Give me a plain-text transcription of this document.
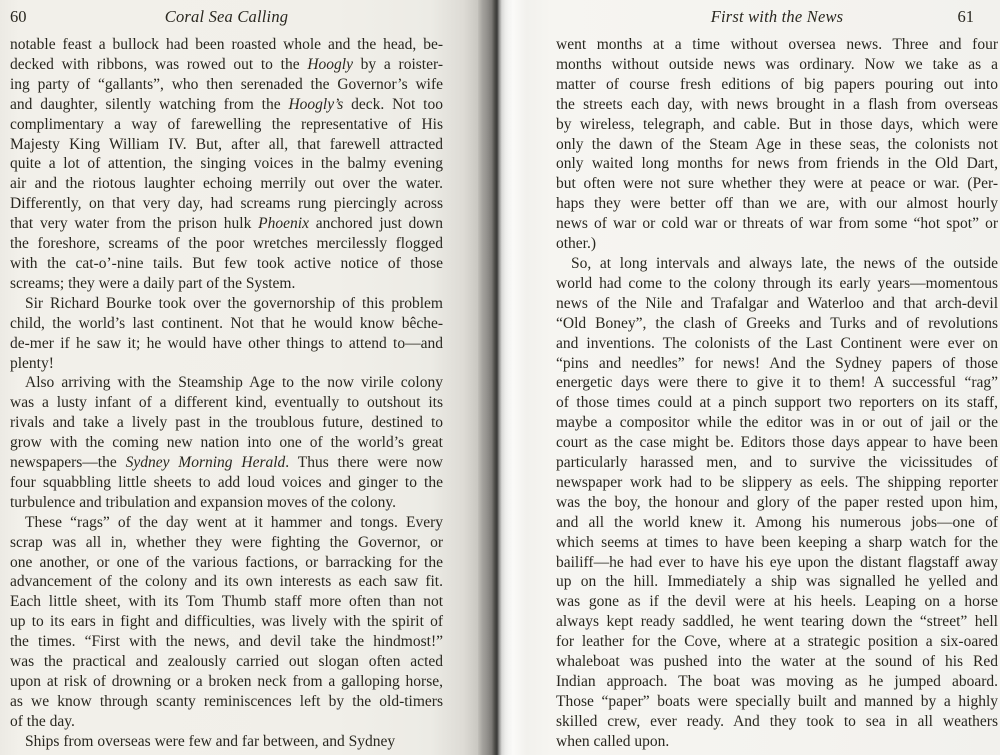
60	Coral Sea Calling
notable feast a bullock had been roasted whole and the head, be-
decked with ribbons, was rowed out to the Hoogly by a roister-
ing party of “gallants”, who then serenaded the Governor’s wife
and daughter, silently watching from the Hoogly’s deck. Not too
complimentary a way of farewelling the representative of His
Majesty King William IV. But, after all, that farewell attracted
quite a lot of attention, the singing voices in the balmy evening
air and the riotous laughter echoing merrily out over the water.
Differently, on that very day, had screams rung piercingly across
that very water from the prison hulk Phoenix anchored just down
the foreshore, screams of the poor wretches mercilessly flogged
with the cat-o’-nine tails. But few took active notice of those
screams; they were a daily part of the System.
Sir Richard Bourke took over the governorship of this problem
child, the world’s last continent. Not that he would know bêche-
de-mer if he saw it; he would have other things to attend to—and
plenty!
Also arriving with the Steamship Age to the now virile colony
was a lusty infant of a different kind, eventually to outshout its
rivals and take a lively past in the troublous future, destined to
grow with the coming new nation into one of the world’s great
newspapers—the Sydney Morning Herald. Thus there were now
four squabbling little sheets to add loud voices and ginger to the
turbulence and tribulation and expansion moves of the colony.
These “rags” of the day went at it hammer and tongs. Every
scrap was all in, whether they were fighting the Governor, or
one another, or one of the various factions, or barracking for the
advancement of the colony and its own interests as each saw fit.
Each little sheet, with its Tom Thumb staff more often than not
up to its ears in fight and difficulties, was lively with the spirit of
the times. “First with the news, and devil take the hindmost!”
was the practical and zealously carried out slogan often acted
upon at risk of drowning or a broken neck from a galloping horse,
as we know through scanty reminiscences left by the old-timers
of the day.
Ships from overseas were few and far between, and Sydney
First with the News	61
went months at a time without oversea news. Three and four
months without outside news was ordinary. Now we take as a
matter of course fresh editions of big papers pouring out into
the streets each day, with news brought in a flash from overseas
by wireless, telegraph, and cable. But in those days, which were
only the dawn of the Steam Age in these seas, the colonists not
only waited long months for news from friends in the Old Dart,
but often were not sure whether they were at peace or war. (Per-
haps they were better off than we are, with our almost hourly
news of war or cold war or threats of war from some “hot spot” or
other.)
So, at long intervals and always late, the news of the outside
world had come to the colony through its early years—momentous
news of the Nile and Trafalgar and Waterloo and that arch-devil
“Old Boney”, the clash of Greeks and Turks and of revolutions
and inventions. The colonists of the Last Continent were ever on
“pins and needles” for news! And the Sydney papers of those
energetic days were there to give it to them! A successful “rag”
of those times could at a pinch support two reporters on its staff,
maybe a compositor while the editor was in or out of jail or the
court as the case might be. Editors those days appear to have been
particularly harassed men, and to survive the vicissitudes of
newspaper work had to be slippery as eels. The shipping reporter
was the boy, the honour and glory of the paper rested upon him,
and all the world knew it. Among his numerous jobs—one of
which seems at times to have been keeping a sharp watch for the
bailiff—he had ever to have his eye upon the distant flagstaff away
up on the hill. Immediately a ship was signalled he yelled and
was gone as if the devil were at his heels. Leaping on a horse
always kept ready saddled, he went tearing down the “street” hell
for leather for the Cove, where at a strategic position a six-oared
whaleboat was pushed into the water at the sound of his Red
Indian approach. The boat was moving as he jumped aboard.
Those “paper” boats were specially built and manned by a highly
skilled crew, ever ready. And they took to sea in all weathers
when called upon.
